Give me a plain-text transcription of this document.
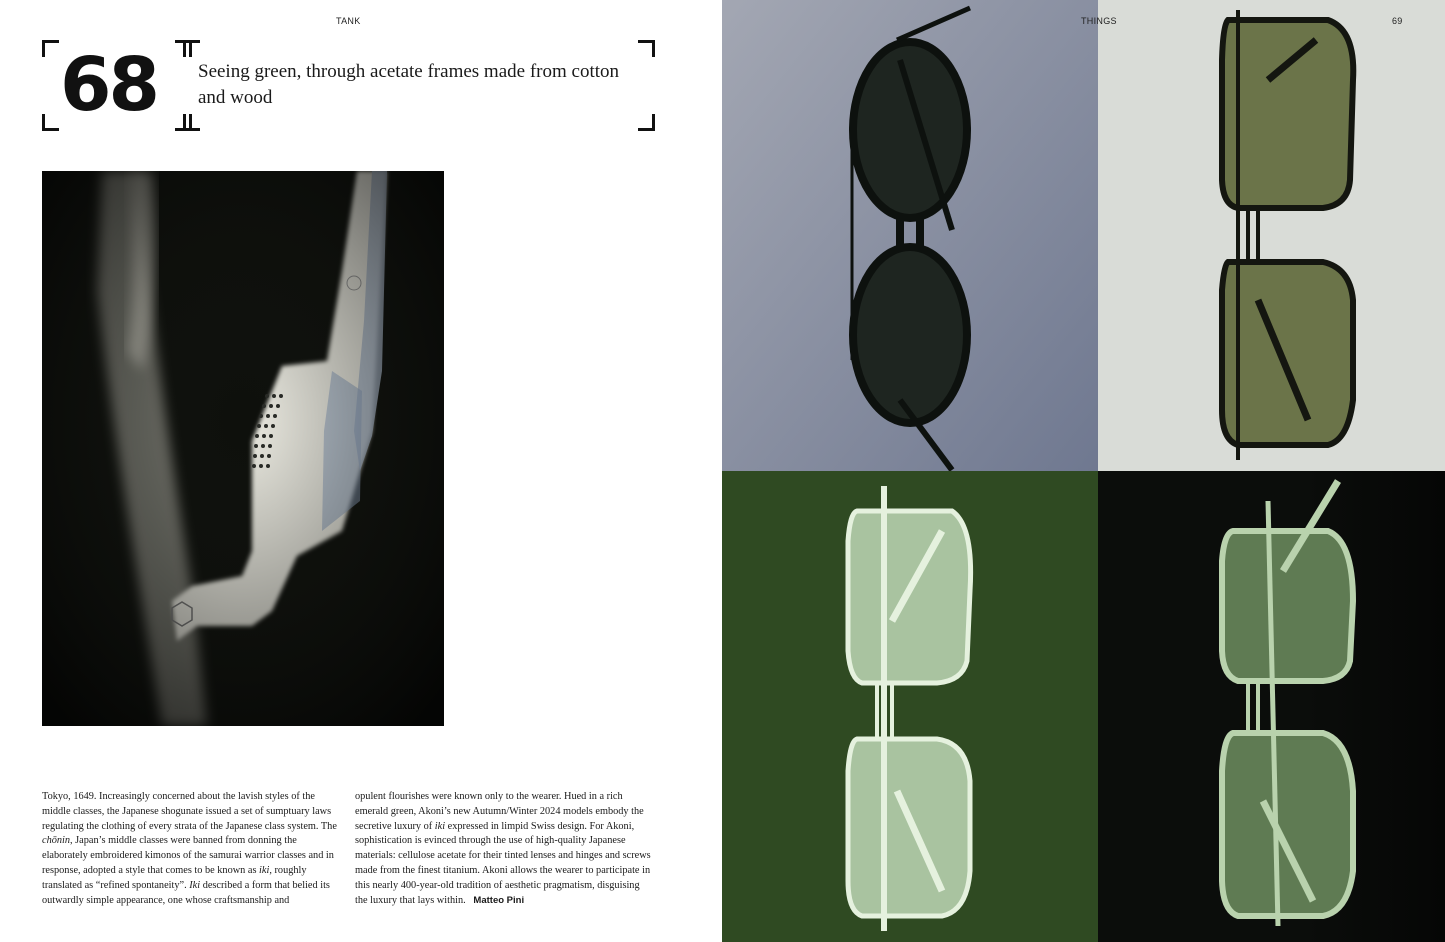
TANK
68 Seeing green, through acetate frames made from cotton and wood
Tokyo, 1649. Increasingly concerned about the lavish styles of the middle classes, the Japanese shogunate issued a set of sumptuary laws regulating the clothing of every strata of the Japanese class system. The chōnin, Japan’s middle classes were banned from donning the elaborately embroidered kimonos of the samurai warrior classes and in response, adopted a style that comes to be known as iki, roughly translated as “refined spontaneity”. Iki described a form that belied its outwardly simple appearance, one whose craftsmanship and
opulent flourishes were known only to the wearer. Hued in a rich emerald green, Akoni’s new Autumn/Winter 2024 models embody the secretive luxury of iki expressed in limpid Swiss design. For Akoni, sophistication is evinced through the use of high-quality Japanese materials: cellulose acetate for their tinted lenses and hinges and screws made from the finest titanium. Akoni allows the wearer to participate in this nearly 400-year-old tradition of aesthetic pragmatism, disguising the luxury that lays within. Matteo Pini
THINGS	69
